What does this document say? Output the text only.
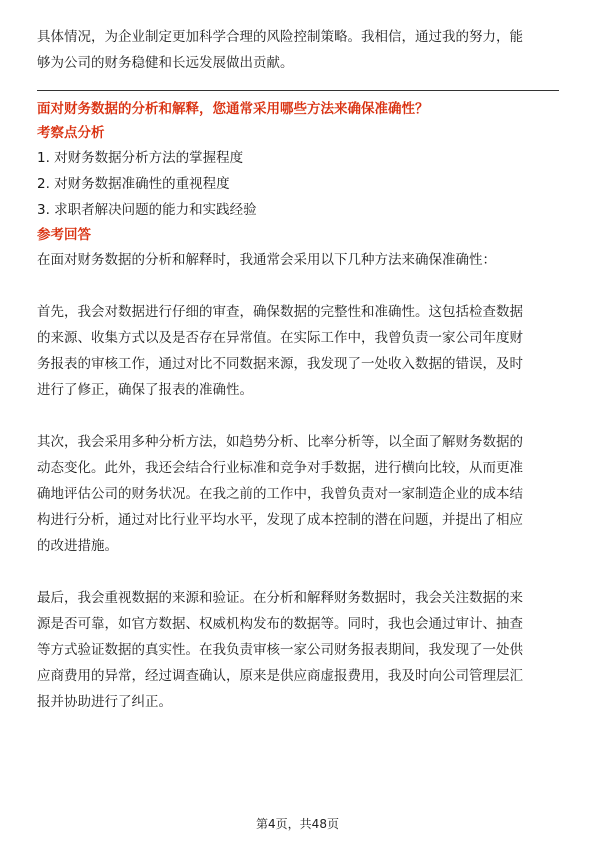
具体情况，为企业制定更加科学合理的风险控制策略。我相信，通过我的努力，能

够为公司的财务稳健和长远发展做出贡献。

面对财务数据的分析和解释，您通常采用哪些方法来确保准确性？

考察点分析

1. 对财务数据分析方法的掌握程度

2. 对财务数据准确性的重视程度

3. 求职者解决问题的能力和实践经验

参考回答

在面对财务数据的分析和解释时，我通常会采用以下几种方法来确保准确性：

首先，我会对数据进行仔细的审查，确保数据的完整性和准确性。这包括检查数据

的来源、收集方式以及是否存在异常值。在实际工作中，我曾负责一家公司年度财

务报表的审核工作，通过对比不同数据来源，我发现了一处收入数据的错误，及时

进行了修正，确保了报表的准确性。

其次，我会采用多种分析方法，如趋势分析、比率分析等，以全面了解财务数据的

动态变化。此外，我还会结合行业标准和竞争对手数据，进行横向比较，从而更准

确地评估公司的财务状况。在我之前的工作中，我曾负责对一家制造企业的成本结

构进行分析，通过对比行业平均水平，发现了成本控制的潜在问题，并提出了相应

的改进措施。

最后，我会重视数据的来源和验证。在分析和解释财务数据时，我会关注数据的来

源是否可靠，如官方数据、权威机构发布的数据等。同时，我也会通过审计、抽查

等方式验证数据的真实性。在我负责审核一家公司财务报表期间，我发现了一处供

应商费用的异常，经过调查确认，原来是供应商虚报费用，我及时向公司管理层汇

报并协助进行了纠正。

第4页，共48页
